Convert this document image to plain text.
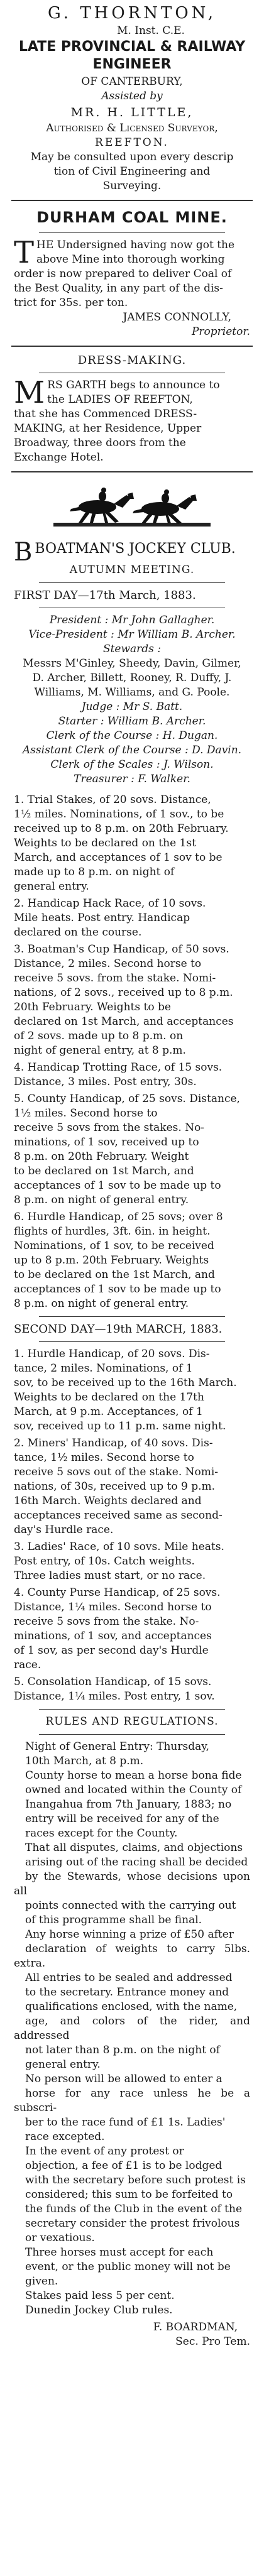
G. THORNTON,

M. Inst. C.E.

LATE PROVINCIAL & RAILWAY

ENGINEER

OF CANTERBURY,

Assisted by

MR. H. LITTLE,

Authorised & Licensed Surveyor,

REEFTON.

May be consulted upon every descrip

tion of Civil Engineering and

Surveying.

DURHAM COAL MINE.

T HE Undersigned having now got the
above Mine into thorough working
order is now prepared to deliver Coal of
the Best Quality, in any part of the dis-
trict for 35s. per ton.

JAMES CONNOLLY,

Proprietor.

DRESS-MAKING.

M RS GARTH begs to announce to
the LADIES OF REEFTON,
that she has Commenced DRESS-
MAKING, at her Residence, Upper
Broadway, three doors from the
Exchange Hotel.

BBOATMAN'S JOCKEY CLUB.

AUTUMN MEETING.

FIRST DAY—17th March, 1883.

President : Mr John Gallagher.

Vice-President : Mr William B. Archer.

Stewards :

Messrs M'Ginley, Sheedy, Davin, Gilmer,

D. Archer, Billett, Rooney, R. Duffy, J.

Williams, M. Williams, and G. Poole.

Judge : Mr S. Batt.

Starter : William B. Archer.

Clerk of the Course : H. Dugan.

Assistant Clerk of the Course : D. Davin.

Clerk of the Scales : J. Wilson.

Treasurer : F. Walker.

1. Trial Stakes, of 20 sovs. Distance,
1½ miles. Nominations, of 1 sov., to be
received up to 8 p.m. on 20th February.
Weights to be declared on the 1st
March, and acceptances of 1 sov to be
made up to 8 p.m. on night of
general entry.
2. Handicap Hack Race, of 10 sovs.
Mile heats. Post entry. Handicap
declared on the course.
3. Boatman's Cup Handicap, of 50 sovs.
Distance, 2 miles. Second horse to
receive 5 sovs. from the stake. Nomi-
nations, of 2 sovs., received up to 8 p.m.
20th February. Weights to be
declared on 1st March, and acceptances
of 2 sovs. made up to 8 p.m. on
night of general entry, at 8 p.m.
4. Handicap Trotting Race, of 15 sovs.
Distance, 3 miles. Post entry, 30s.
5. County Handicap, of 25 sovs. Distance,
1½ miles. Second horse to
receive 5 sovs from the stakes. No-
minations, of 1 sov, received up to
8 p.m. on 20th February. Weight
to be declared on 1st March, and
acceptances of 1 sov to be made up to
8 p.m. on night of general entry.
6. Hurdle Handicap, of 25 sovs; over 8
flights of hurdles, 3ft. 6in. in height.
Nominations, of 1 sov, to be received
up to 8 p.m. 20th February. Weights
to be declared on the 1st March, and
acceptances of 1 sov to be made up to
8 p.m. on night of general entry.

SECOND DAY—19th MARCH, 1883.

1. Hurdle Handicap, of 20 sovs. Dis-
tance, 2 miles. Nominations, of 1
sov, to be received up to the 16th March.
Weights to be declared on the 17th
March, at 9 p.m. Acceptances, of 1
sov, received up to 11 p.m. same night.
2. Miners' Handicap, of 40 sovs. Dis-
tance, 1½ miles. Second horse to
receive 5 sovs out of the stake. Nomi-
nations, of 30s, received up to 9 p.m.
16th March. Weights declared and
acceptances received same as second-
day's Hurdle race.
3. Ladies' Race, of 10 sovs. Mile heats.
Post entry, of 10s. Catch weights.
Three ladies must start, or no race.
4. County Purse Handicap, of 25 sovs.
Distance, 1¼ miles. Second horse to
receive 5 sovs from the stake. No-
minations, of 1 sov, and acceptances
of 1 sov, as per second day's Hurdle
race.
5. Consolation Handicap, of 15 sovs.
Distance, 1¼ miles. Post entry, 1 sov.

RULES AND REGULATIONS.

Night of General Entry: Thursday,
10th March, at 8 p.m.
County horse to mean a horse bona fide
owned and located within the County of
Inangahua from 7th January, 1883; no
entry will be received for any of the
races except for the County.
That all disputes, claims, and objections
arising out of the racing shall be decided
by the Stewards, whose decisions upon all
points connected with the carrying out
of this programme shall be final.
Any horse winning a prize of £50 after
declaration of weights to carry 5lbs. extra.
All entries to be sealed and addressed
to the secretary. Entrance money and
qualifications enclosed, with the name,
age, and colors of the rider, and addressed
not later than 8 p.m. on the night of
general entry.
No person will be allowed to enter a
horse for any race unless he be a subscri-
ber to the race fund of £1 1s. Ladies'
race excepted.
In the event of any protest or
objection, a fee of £1 is to be lodged
with the secretary before such protest is
considered; this sum to be forfeited to
the funds of the Club in the event of the
secretary consider the protest frivolous
or vexatious.
Three horses must accept for each
event, or the public money will not be
given.
Stakes paid less 5 per cent.
Dunedin Jockey Club rules.

F. BOARDMAN,

Sec. Pro Tem.
